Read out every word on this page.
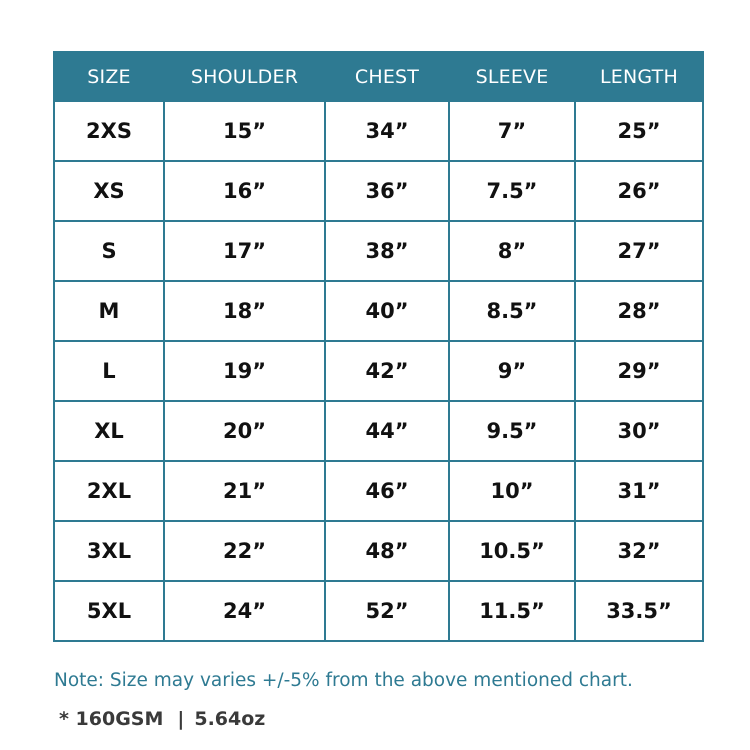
SIZE	SHOULDER	CHEST	SLEEVE	LENGTH
2XS	15”	34”	7”	25”
XS	16”	36”	7.5”	26”
S	17”	38”	8”	27”
M	18”	40”	8.5”	28”
L	19”	42”	9”	29”
XL	20”	44”	9.5”	30”
2XL	21”	46”	10”	31”
3XL	22”	48”	10.5”	32”
5XL	24”	52”	11.5”	33.5”
Note: Size may varies +/-5% from the above mentioned chart.
* 160GSM | 5.64oz
